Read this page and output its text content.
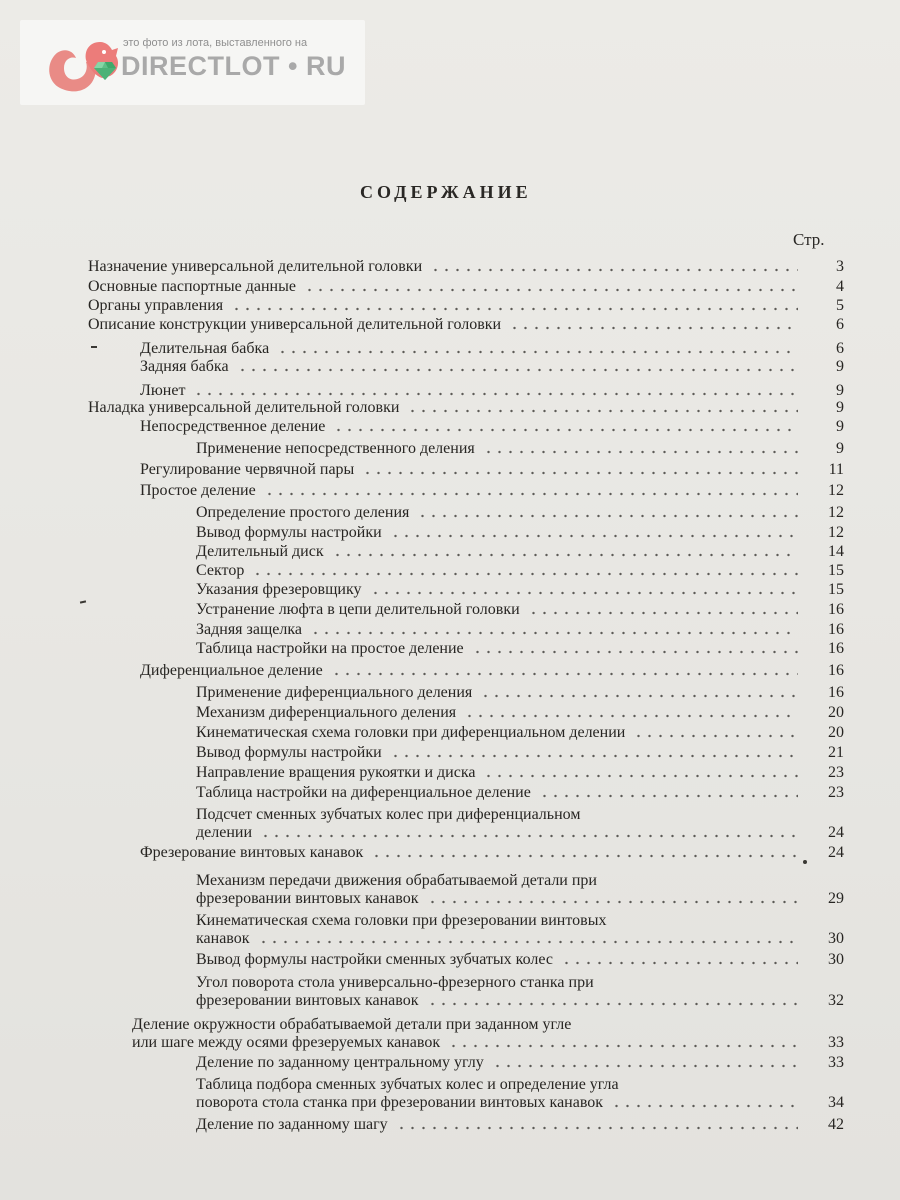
это фото из лота, выставленного на
DIRECTLOT • RU
СОДЕРЖАНИЕ
Стр.
Назначение универсальной делительной головки	3
Основные паспортные данные	4
Органы управления	5
Описание конструкции универсальной делительной головки	6
Делительная бабка	6
Задняя бабка	9
Люнет	9
Наладка универсальной делительной головки	9
Непосредственное деление	9
Применение непосредственного деления	9
Регулирование червячной пары	11
Простое деление	12
Определение простого деления	12
Вывод формулы настройки	12
Делительный диск	14
Сектор	15
Указания фрезеровщику	15
Устранение люфта в цепи делительной головки	16
Задняя защелка	16
Таблица настройки на простое деление	16
Диференциальное деление	16
Применение диференциального деления	16
Механизм диференциального деления	20
Кинематическая схема головки при диференциальном делении	20
Вывод формулы настройки	21
Направление вращения рукоятки и диска	23
Таблица настройки на диференциальное деление	23
Подсчет сменных зубчатых колес при диференциальном
делении	24
Фрезерование винтовых канавок	24
Механизм передачи движения обрабатываемой детали при
фрезеровании винтовых канавок	29
Кинематическая схема головки при фрезеровании винтовых
канавок	30
Вывод формулы настройки сменных зубчатых колес	30
Угол поворота стола универсально-фрезерного станка при
фрезеровании винтовых канавок	32
Деление окружности обрабатываемой детали при заданном угле
или шаге между осями фрезеруемых канавок	33
Деление по заданному центральному углу	33
Таблица подбора сменных зубчатых колес и определение угла
поворота стола станка при фрезеровании винтовых канавок	34
Деление по заданному шагу	42
